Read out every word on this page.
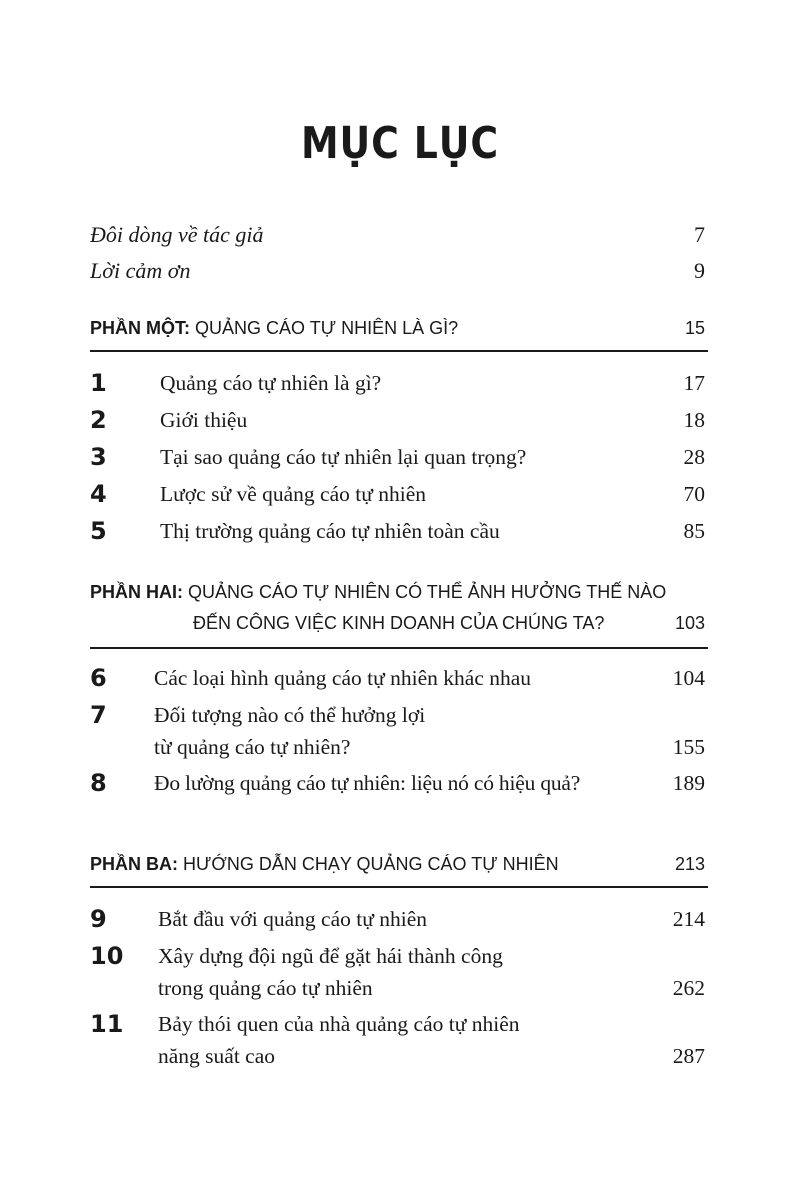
MỤC LỤC
Đôi dòng về tác giả	7
Lời cảm ơn	9
PHẦN MỘT: QUẢNG CÁO TỰ NHIÊN LÀ GÌ?	15
1 Quảng cáo tự nhiên là gì?	17
2 Giới thiệu	18
3 Tại sao quảng cáo tự nhiên lại quan trọng?	28
4 Lược sử về quảng cáo tự nhiên	70
5 Thị trường quảng cáo tự nhiên toàn cầu	85
PHẦN HAI: QUẢNG CÁO TỰ NHIÊN CÓ THỂ ẢNH HƯỞNG THẾ NÀO
ĐẾN CÔNG VIỆC KINH DOANH CỦA CHÚNG TA?	103
6 Các loại hình quảng cáo tự nhiên khác nhau	104
7 Đối tượng nào có thể hưởng lợi
từ quảng cáo tự nhiên?	155
8 Đo lường quảng cáo tự nhiên: liệu nó có hiệu quả?	189
PHẦN BA: HƯỚNG DẪN CHẠY QUẢNG CÁO TỰ NHIÊN	213
9 Bắt đầu với quảng cáo tự nhiên	214
10 Xây dựng đội ngũ để gặt hái thành công
trong quảng cáo tự nhiên	262
11 Bảy thói quen của nhà quảng cáo tự nhiên
năng suất cao	287
